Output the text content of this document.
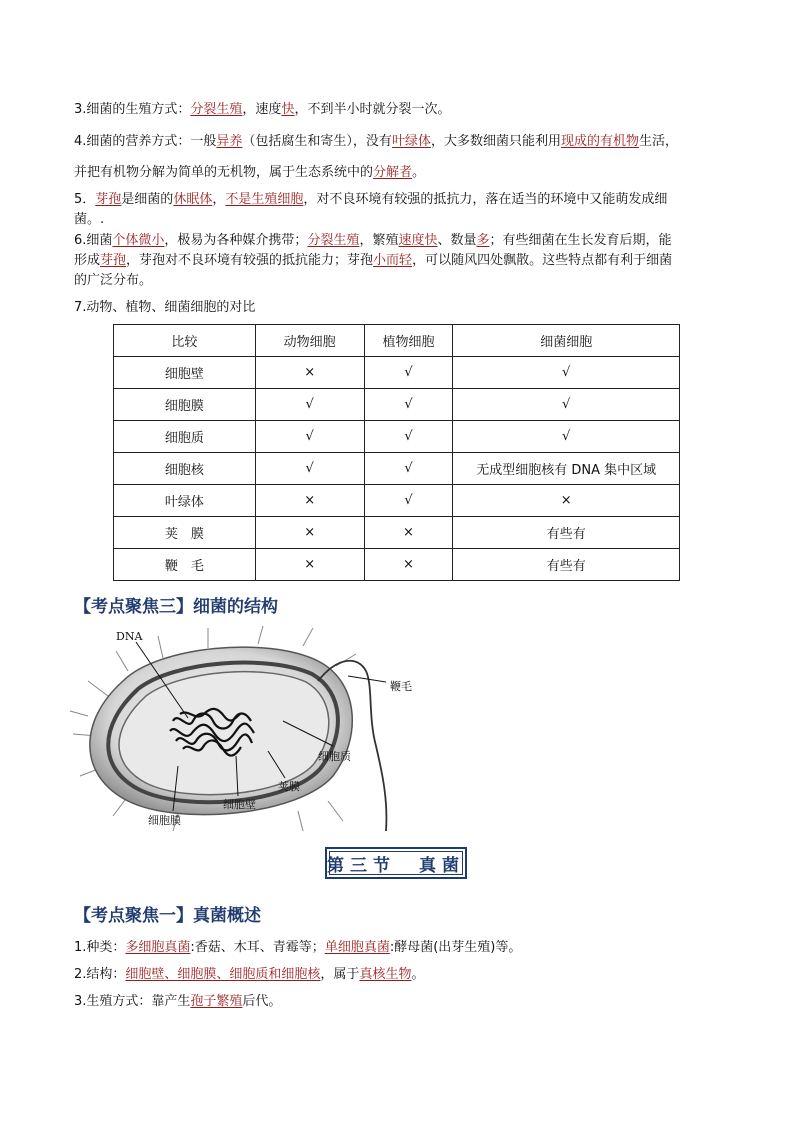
3.细菌的生殖方式：分裂生殖，速度快，不到半小时就分裂一次。
4.细菌的营养方式：一般异养（包括腐生和寄生），没有叶绿体，大多数细菌只能利用现成的有机物生活，
并把有机物分解为简单的无机物，属于生态系统中的分解者。
5．芽孢是细菌的休眠体，不是生殖细胞，对不良环境有较强的抵抗力，落在适当的环境中又能萌发成细
菌。.
6.细菌个体微小，极易为各种媒介携带；分裂生殖，繁殖速度快、数量多；有些细菌在生长发育后期，能
形成芽孢，芽孢对不良环境有较强的抵抗能力；芽孢小而轻，可以随风四处飘散。这些特点都有利于细菌
的广泛分布。
7.动物、植物、细菌细胞的对比
比较	动物细胞	植物细胞	细菌细胞
细胞壁	×	√	√
细胞膜	√	√	√
细胞质	√	√	√
细胞核	√	√	无成型细胞核有 DNA 集中区域
叶绿体	×	√	×
荚　膜	×	×	有些有
鞭　毛	×	×	有些有
【考点聚焦三】细菌的结构
DNA
鞭毛
细胞质
荚膜
细胞壁
细胞膜
第三节　真菌
【考点聚焦一】真菌概述
1.种类：多细胞真菌:香菇、木耳、青霉等；单细胞真菌:酵母菌(出芽生殖)等。
2.结构：细胞壁、细胞膜、细胞质和细胞核，属于真核生物。
3.生殖方式：靠产生孢子繁殖后代。
